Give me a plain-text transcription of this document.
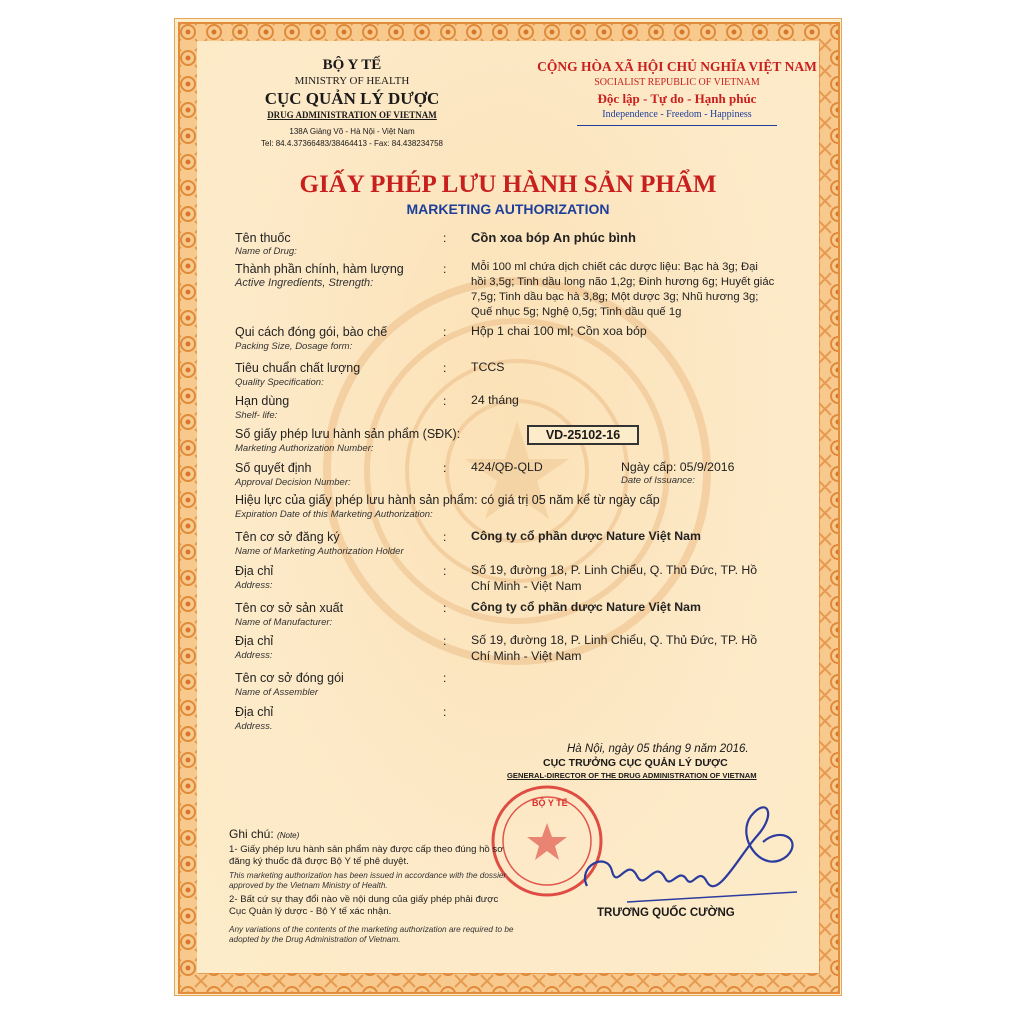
BỘ Y TẾ
MINISTRY OF HEALTH
CỤC QUẢN LÝ DƯỢC
DRUG ADMINISTRATION OF VIETNAM
138A Giảng Võ - Hà Nội - Việt Nam
Tel: 84.4.37366483/38464413 - Fax: 84.438234758
CỘNG HÒA XÃ HỘI CHỦ NGHĨA VIỆT NAM
SOCIALIST REPUBLIC OF VIETNAM
Độc lập - Tự do - Hạnh phúc
Independence - Freedom - Happiness
GIẤY PHÉP LƯU HÀNH SẢN PHẨM
MARKETING AUTHORIZATION
Tên thuốc
Name of Drug:
: Cồn xoa bóp An phúc bình
Thành phần chính, hàm lượng
Active Ingredients, Strength:
: Mỗi 100 ml chứa dịch chiết các dược liệu: Bạc hà 3g; Đại
hồi 3,5g; Tinh dầu long não 1,2g; Đinh hương 6g; Huyết giác
7,5g; Tinh dầu bạc hà 3,8g; Một dược 3g; Nhũ hương 3g;
Quế nhục 5g; Nghệ 0,5g; Tinh dầu quế 1g
Qui cách đóng gói, bào chế
Packing Size, Dosage form:
: Hộp 1 chai 100 ml; Cồn xoa bóp
Tiêu chuẩn chất lượng
Quality Specification:
: TCCS
Hạn dùng
Shelf- life:
: 24 tháng
Số giấy phép lưu hành sản phẩm (SĐK):
Marketing Authorization Number:
VD-25102-16
Số quyết định
Approval Decision Number:
: 424/QĐ-QLD	Ngày cấp: 05/9/2016
Date of Issuance:
Hiệu lực của giấy phép lưu hành sản phẩm: có giá trị 05 năm kể từ ngày cấp
Expiration Date of this Marketing Authorization:
Tên cơ sở đăng ký
Name of Marketing Authorization Holder
: Công ty cổ phần dược Nature Việt Nam
Địa chỉ
Address:
: Số 19, đường 18, P. Linh Chiểu, Q. Thủ Đức, TP. Hồ
Chí Minh - Việt Nam
Tên cơ sở sản xuất
Name of Manufacturer:
: Công ty cổ phần dược Nature Việt Nam
Địa chỉ
Address:
: Số 19, đường 18, P. Linh Chiểu, Q. Thủ Đức, TP. Hồ
Chí Minh - Việt Nam
Tên cơ sở đóng gói
Name of Assembler
:
Địa chỉ
Address.
:
Hà Nội, ngày 05 tháng 9 năm 2016.
CỤC TRƯỞNG CỤC QUẢN LÝ DƯỢC
GENERAL-DIRECTOR OF THE DRUG ADMINISTRATION OF VIETNAM
BỘ Y TẾ
TRƯƠNG QUỐC CƯỜNG
Ghi chú: (Note)
1- Giấy phép lưu hành sản phẩm này được cấp theo đúng hồ sơ
đăng ký thuốc đã được Bộ Y tế phê duyệt.
This marketing authorization has been issued in accordance with the dossier
approved by the Vietnam Ministry of Health.
2- Bất cứ sự thay đổi nào về nội dung của giấy phép phải được
Cục Quản lý dược - Bộ Y tế xác nhận.
Any variations of the contents of the marketing authorization are required to be
adopted by the Drug Administration of Vietnam.
